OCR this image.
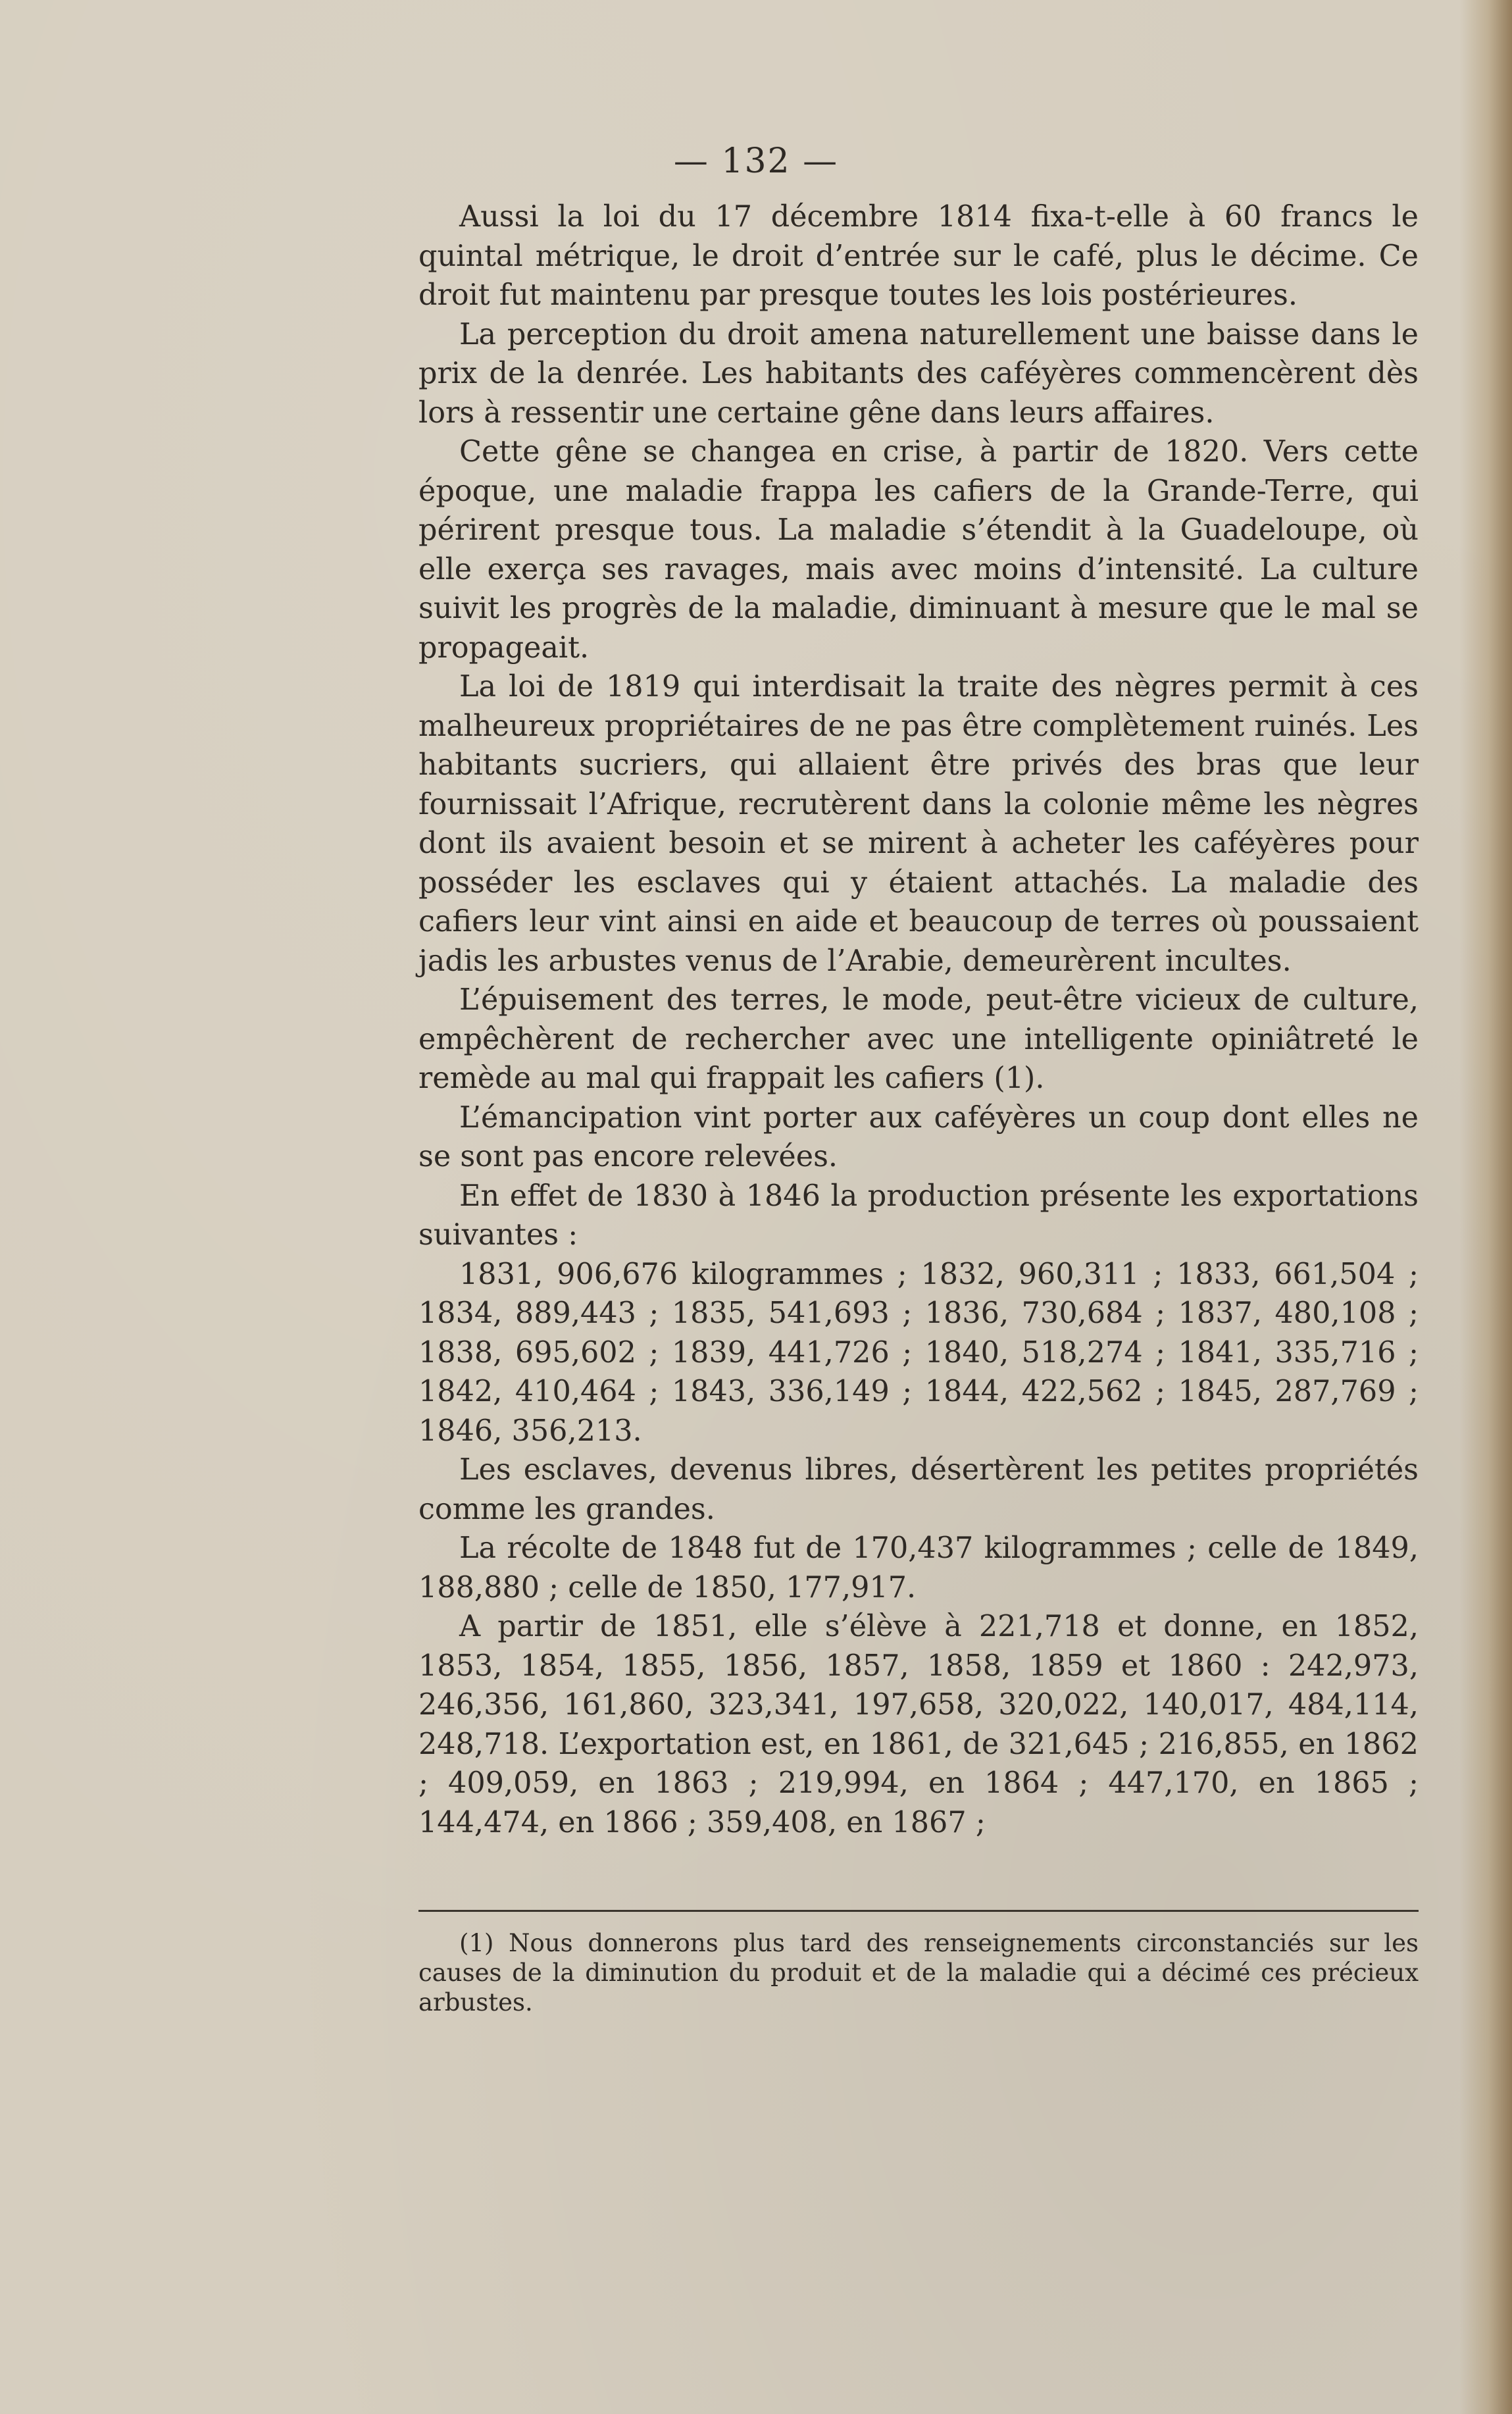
— 132 —

Aussi la loi du 17 décembre 1814 fixa-t-elle à 60 francs le quintal métrique, le droit d’entrée sur le café, plus le décime. Ce droit fut maintenu par presque toutes les lois postérieures.

La perception du droit amena naturellement une baisse dans le prix de la denrée. Les habitants des caféyères commencèrent dès lors à ressentir une certaine gêne dans leurs affaires.

Cette gêne se changea en crise, à partir de 1820. Vers cette époque, une maladie frappa les cafiers de la Grande-Terre, qui périrent presque tous. La maladie s’étendit à la Guadeloupe, où elle exerça ses ravages, mais avec moins d’intensité. La culture suivit les progrès de la maladie, diminuant à mesure que le mal se propageait.

La loi de 1819 qui interdisait la traite des nègres permit à ces malheureux propriétaires de ne pas être complètement ruinés. Les habitants sucriers, qui allaient être privés des bras que leur fournissait l’Afrique, recrutèrent dans la colonie même les nègres dont ils avaient besoin et se mirent à acheter les caféyères pour posséder les esclaves qui y étaient attachés. La maladie des cafiers leur vint ainsi en aide et beaucoup de terres où poussaient jadis les arbustes venus de l’Arabie, demeurèrent incultes.

L’épuisement des terres, le mode, peut-être vicieux de culture, empêchèrent de rechercher avec une intelligente opiniâtreté le remède au mal qui frappait les cafiers (1).

L’émancipation vint porter aux caféyères un coup dont elles ne se sont pas encore relevées.

En effet de 1830 à 1846 la production présente les exportations suivantes :

1831, 906,676 kilogrammes ; 1832, 960,311 ; 1833, 661,504 ; 1834, 889,443 ; 1835, 541,693 ; 1836, 730,684 ; 1837, 480,108 ; 1838, 695,602 ; 1839, 441,726 ; 1840, 518,274 ; 1841, 335,716 ; 1842, 410,464 ; 1843, 336,149 ; 1844, 422,562 ; 1845, 287,769 ; 1846, 356,213.

Les esclaves, devenus libres, désertèrent les petites propriétés comme les grandes.

La récolte de 1848 fut de 170,437 kilogrammes ; celle de 1849, 188,880 ; celle de 1850, 177,917.

A partir de 1851, elle s’élève à 221,718 et donne, en 1852, 1853, 1854, 1855, 1856, 1857, 1858, 1859 et 1860 : 242,973, 246,356, 161,860, 323,341, 197,658, 320,022, 140,017, 484,114, 248,718. L’exportation est, en 1861, de 321,645 ; 216,855, en 1862 ; 409,059, en 1863 ; 219,994, en 1864 ; 447,170, en 1865 ; 144,474, en 1866 ; 359,408, en 1867 ;

(1) Nous donnerons plus tard des renseignements circonstanciés sur les causes de la diminution du produit et de la maladie qui a décimé ces précieux arbustes.
